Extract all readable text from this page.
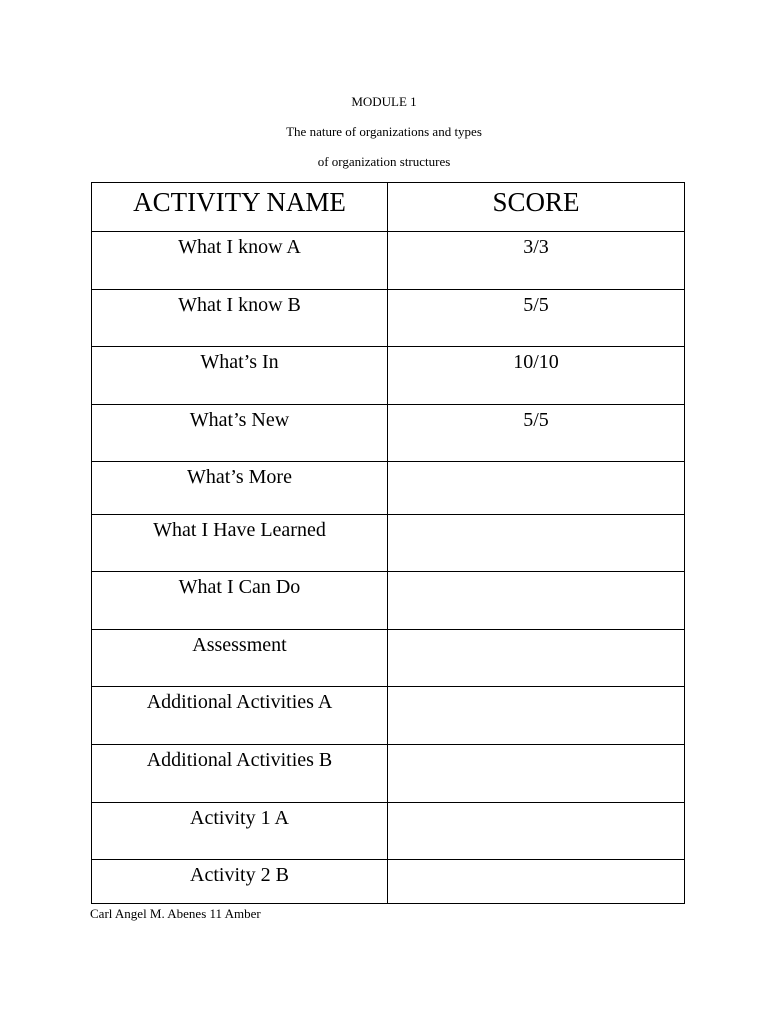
MODULE 1
The nature of organizations and types
of organization structures
ACTIVITY NAME	SCORE
What I know A	3/3
What I know B	5/5
What’s In	10/10
What’s New	5/5
What’s More	
What I Have Learned	
What I Can Do	
Assessment	
Additional Activities A	
Additional Activities B	
Activity 1 A	
Activity 2 B	
Carl Angel M. Abenes 11 Amber
